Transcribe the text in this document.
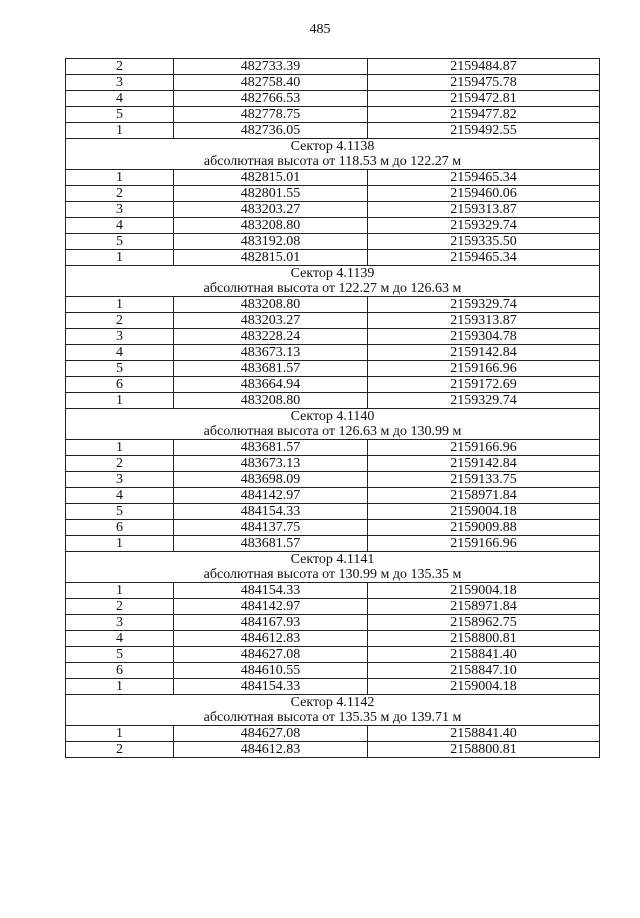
485
2	482733.39	2159484.87
3	482758.40	2159475.78
4	482766.53	2159472.81
5	482778.75	2159477.82
1	482736.05	2159492.55
Сектор 4.1138		
абсолютная высота от 118.53 м до 122.27 м		
1	482815.01	2159465.34
2	482801.55	2159460.06
3	483203.27	2159313.87
4	483208.80	2159329.74
5	483192.08	2159335.50
1	482815.01	2159465.34
Сектор 4.1139		
абсолютная высота от 122.27 м до 126.63 м		
1	483208.80	2159329.74
2	483203.27	2159313.87
3	483228.24	2159304.78
4	483673.13	2159142.84
5	483681.57	2159166.96
6	483664.94	2159172.69
1	483208.80	2159329.74
Сектор 4.1140		
абсолютная высота от 126.63 м до 130.99 м		
1	483681.57	2159166.96
2	483673.13	2159142.84
3	483698.09	2159133.75
4	484142.97	2158971.84
5	484154.33	2159004.18
6	484137.75	2159009.88
1	483681.57	2159166.96
Сектор 4.1141		
абсолютная высота от 130.99 м до 135.35 м		
1	484154.33	2159004.18
2	484142.97	2158971.84
3	484167.93	2158962.75
4	484612.83	2158800.81
5	484627.08	2158841.40
6	484610.55	2158847.10
1	484154.33	2159004.18
Сектор 4.1142		
абсолютная высота от 135.35 м до 139.71 м		
1	484627.08	2158841.40
2	484612.83	2158800.81
